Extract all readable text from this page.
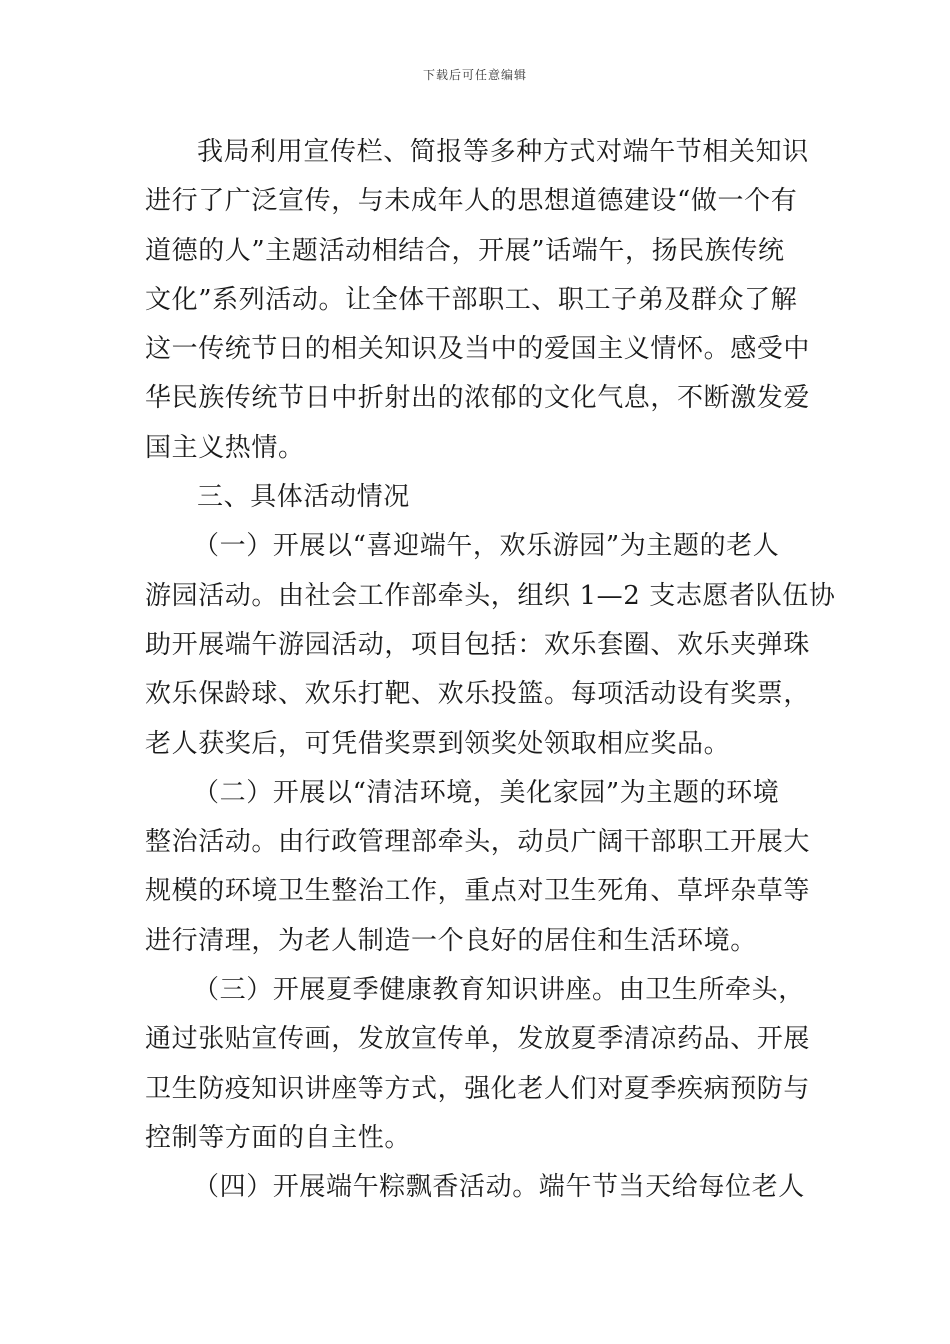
下载后可任意编辑
我局利用宣传栏、简报等多种方式对端午节相关知识
进行了广泛宣传，与未成年人的思想道德建设“做一个有
道德的人”主题活动相结合，开展”话端午，扬民族传统
文化”系列活动。让全体干部职工、职工子弟及群众了解
这一传统节日的相关知识及当中的爱国主义情怀。感受中
华民族传统节日中折射出的浓郁的文化气息，不断激发爱
国主义热情。
三、具体活动情况
（一）开展以“喜迎端午，欢乐游园”为主题的老人
游园活动。由社会工作部牵头，组织 1—2 支志愿者队伍协
助开展端午游园活动，项目包括：欢乐套圈、欢乐夹弹珠
欢乐保龄球、欢乐打靶、欢乐投篮。每项活动设有奖票，
老人获奖后，可凭借奖票到领奖处领取相应奖品。
（二）开展以“清洁环境，美化家园”为主题的环境
整治活动。由行政管理部牵头，动员广阔干部职工开展大
规模的环境卫生整治工作，重点对卫生死角、草坪杂草等
进行清理，为老人制造一个良好的居住和生活环境。
（三）开展夏季健康教育知识讲座。由卫生所牵头，
通过张贴宣传画，发放宣传单，发放夏季清凉药品、开展
卫生防疫知识讲座等方式，强化老人们对夏季疾病预防与
控制等方面的自主性。
（四）开展端午粽飘香活动。端午节当天给每位老人
